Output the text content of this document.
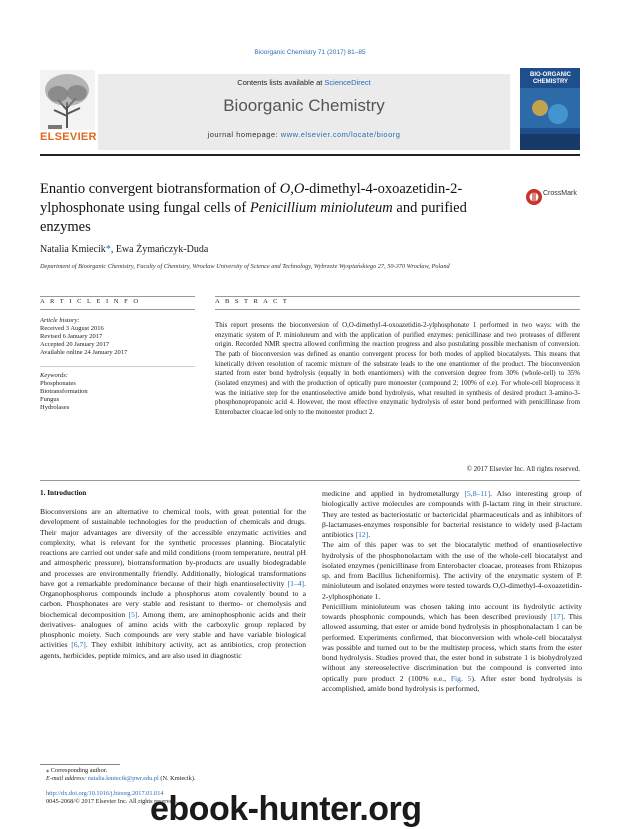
Bioorganic Chemistry 71 (2017) 81–85
ELSEVIER
Contents lists available at ScienceDirect
Bioorganic Chemistry
journal homepage: www.elsevier.com/locate/bioorg
BIO-ORGANIC CHEMISTRY
Enantio convergent biotransformation of O,O-dimethyl-4-oxoazetidin-2-ylphosphonate using fungal cells of Penicillium minioluteum and purified enzymes
CrossMark
Natalia Kmiecik*, Ewa Żymańczyk-Duda
Department of Bioorganic Chemistry, Faculty of Chemistry, Wrocław University of Science and Technology, Wybrzeże Wyspiańskiego 27, 50-370 Wrocław, Poland
A R T I C L E I N F O
Article history:
Received 3 August 2016
Revised 6 January 2017
Accepted 20 January 2017
Available online 24 January 2017
Keywords:
Phosphonates
Biotransformation
Fungus
Hydrolases
A B S T R A C T
This report presents the bioconversion of O,O-dimethyl-4-oxoazetidin-2-ylphosphonate 1 performed in two ways: with the enzymatic system of P. minioluteum and with the application of purified enzymes: penicillinase and two proteases of different origin. Recorded NMR spectra allowed confirming the reaction progress and also postulating possible mechanism of conversion. The path of bioconversion was defined as enantio convergent process for both modes of applied biocatalysts. This means that kinetically driven resolution of racemic mixture of the substrate leads to the one enantiomer of the product. The bioconversion started from ester bond hydrolysis (equally in both enantiomers) with the conversion degree from 30% (whole-cell) to 35% (isolated enzymes) and with the production of optically pure monoester (compound 2; 100% of e.e). For whole-cell bioprocess it was the initiative step for the enantioselective amide bond hydrolysis, what resulted in synthesis of desired product 3-amino-3-phosphonopropanoic acid 4. However, the most effective enzymatic hydrolysis of ester bond performed with penicillinase from Enterobacter cloacae led only to the monoester product 2.
© 2017 Elsevier Inc. All rights reserved.
1. Introduction
Bioconversions are an alternative to chemical tools, with great potential for the development of sustainable technologies for the production of chemicals and drugs. Their major advantages are diversity of the accessible enzymatic activities and complexity, what is relevant for the synthetic processes planning. Biocatalytic reactions are carried out under safe and mild conditions (room temperature, neutral pH and atmospheric pressure), biotransformation by-products are usually biodegradable and processes are environmentally friendly. Additionally, biological transformations have got a remarkable predominance because of their high enantioselectivity [1–4]. Organophosphorus compounds include a phosphorus atom covalently bound to a carbon. Phosphonates are very stable and resistant to thermo- or chemolysis and biochemical decomposition [5]. Among them, are aminophosphonic acids and their derivatives- analogues of amino acids with the carboxylic group replaced by phosphonic moiety. Such compounds are very stable and have variable biological activities [6,7]. They exhibit inhibitory activity, act as antibiotics, crop protection agents, herbicides, peptide mimics, and are also used in diagnostic
medicine and applied in hydrometallurgy [5,8–11]. Also interesting group of biologically active molecules are compounds with β-lactam ring in their structure. They are tested as bacteriostatic or bactericidal pharmaceuticals and as inhibitors of β-lactamases-enzymes responsible for bacterial resistance to widely used β-lactam antibiotics [12].
The aim of this paper was to set the biocatalytic method of enantioselective hydrolysis of the phosphonolactam with the use of the whole-cell biocatalyst and isolated enzymes (penicillinase from Enterobacter cloacae, proteases from Rhizopus sp. and from Bacillus licheniformis). The activity of the enzymatic system of P. minioluteum and isolated enzymes were tested towards O,O-dimethyl-4-oxoazetidin-2-ylphosphonate 1.
Penicillium minioluteum was chosen taking into account its hydrolytic activity towards phosphonic compounds, which has been described previously [17]. This allowed assuming, that ester or amide bond hydrolysis in phosphonalactam 1 can be performed. Experiments confirmed, that bioconversion with whole-cell biocatalyst was possible and turned out to be the multistep process, which starts from the ester bond hydrolysis. Studies proved that, the ester bond in substrate 1 is biohydrolyzed without any stereoselective discrimination but the compound is converted into optically pure product 2 (100% e.e., Fig. 5). After ester bond hydrolysis is accomplished, amide bond hydrolysis is performed,
⁎ Corresponding author.
E-mail address: natalia.kmiecik@pwr.edu.pl (N. Kmiecik).
http://dx.doi.org/10.1016/j.bioorg.2017.01.014
0045-2068/© 2017 Elsevier Inc. All rights reserved.
ebook-hunter.org
